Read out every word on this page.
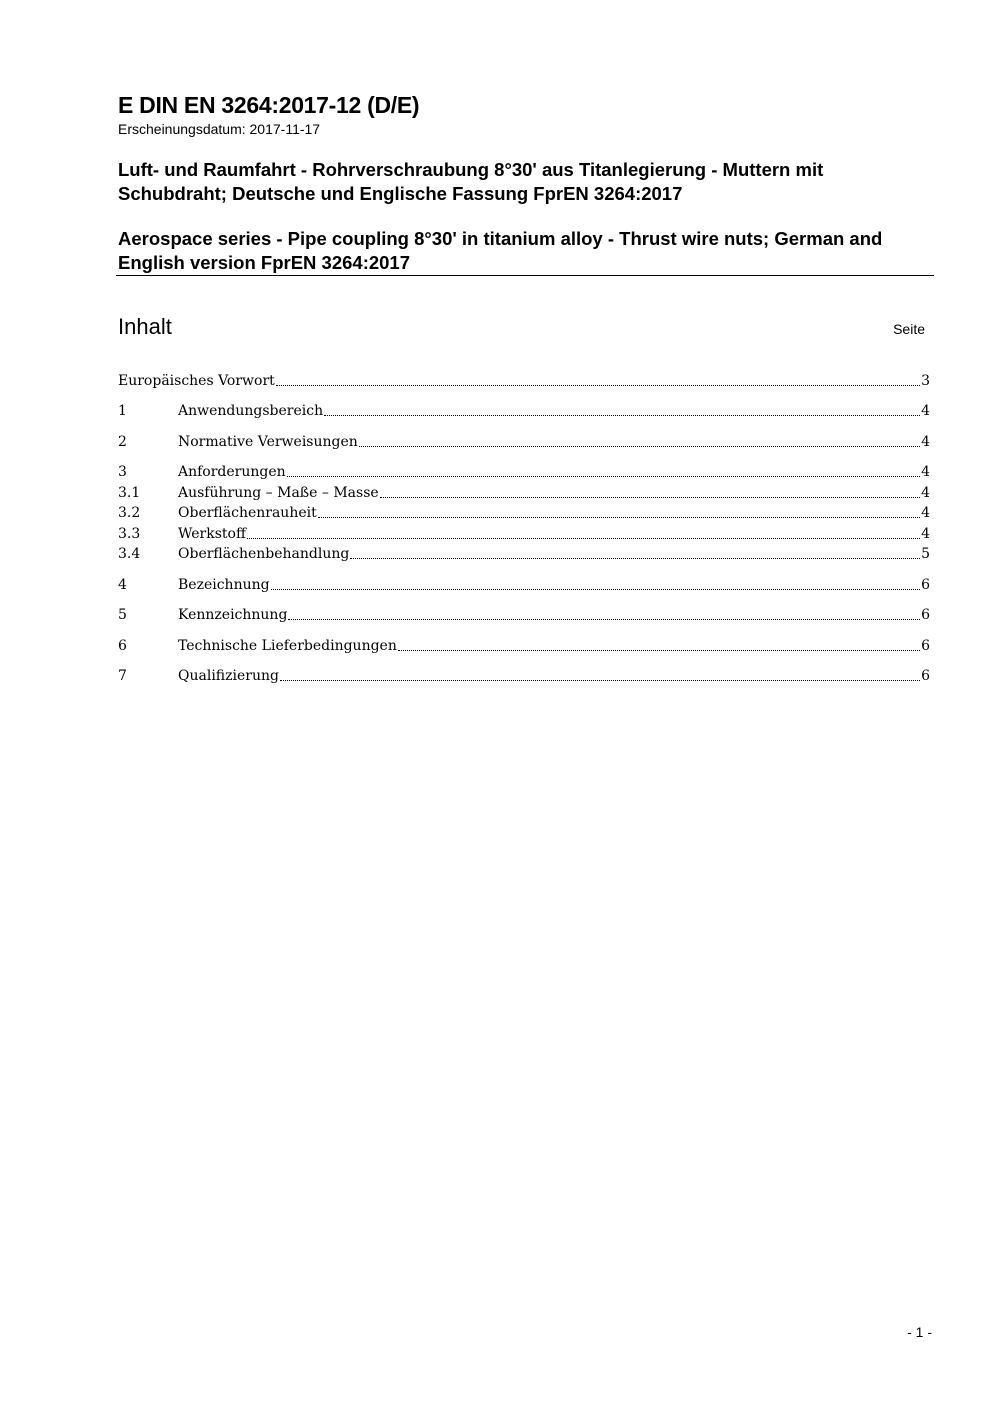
E DIN EN 3264:2017-12 (D/E)
Erscheinungsdatum: 2017-11-17
Luft- und Raumfahrt - Rohrverschraubung 8°30' aus Titanlegierung - Muttern mit Schubdraht; Deutsche und Englische Fassung FprEN 3264:2017
Aerospace series - Pipe coupling 8°30' in titanium alloy - Thrust wire nuts; German and English version FprEN 3264:2017
Inhalt	Seite
Europäisches Vorwort	3
1	Anwendungsbereich	4
2	Normative Verweisungen	4
3	Anforderungen	4
3.1	Ausführung – Maße – Masse	4
3.2	Oberflächenrauheit	4
3.3	Werkstoff	4
3.4	Oberflächenbehandlung	5
4	Bezeichnung	6
5	Kennzeichnung	6
6	Technische Lieferbedingungen	6
7	Qualifizierung	6
- 1 -
